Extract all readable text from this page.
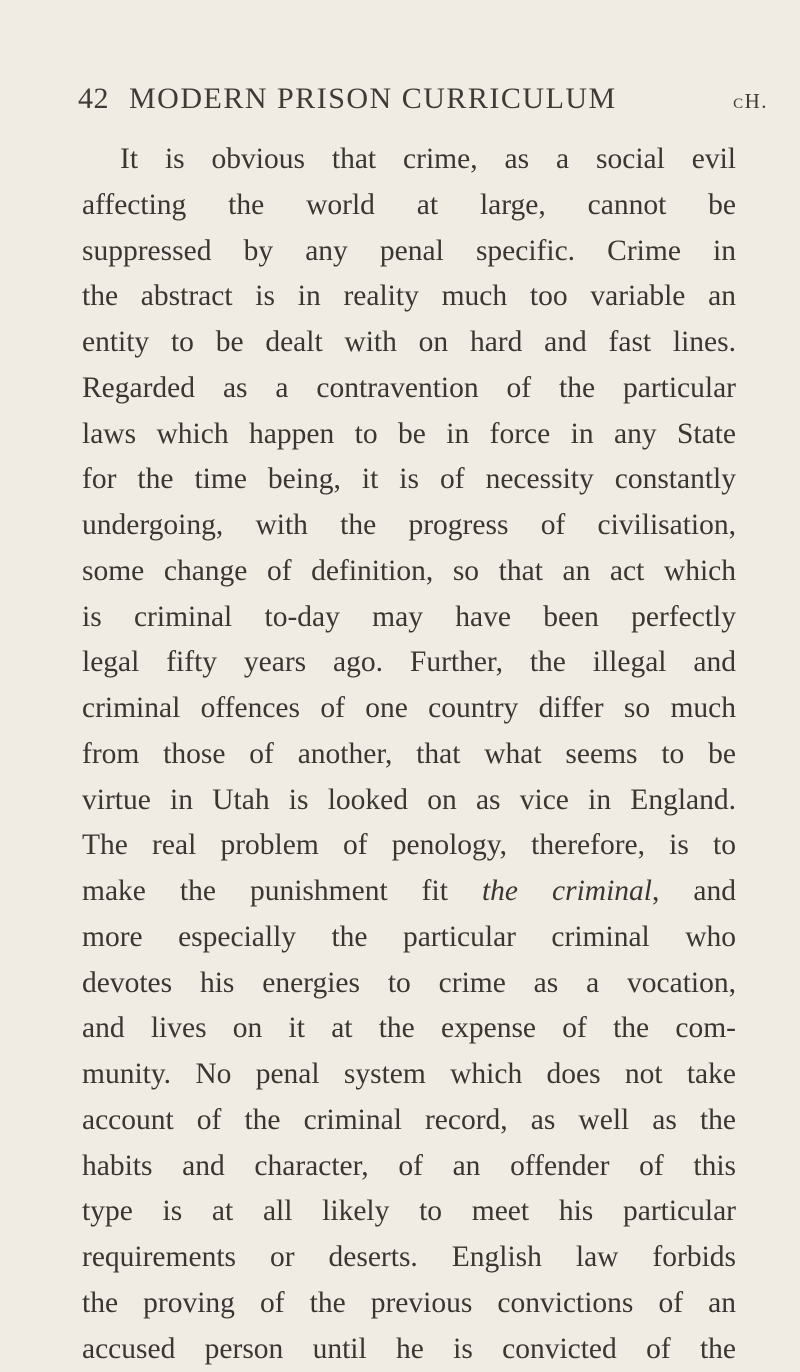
42 MODERN PRISON CURRICULUM	cH.
It is obvious that crime, as a social evil
affecting the world at large, cannot be
suppressed by any penal specific. Crime in
the abstract is in reality much too variable an
entity to be dealt with on hard and fast lines.
Regarded as a contravention of the particular
laws which happen to be in force in any State
for the time being, it is of necessity constantly
undergoing, with the progress of civilisation,
some change of definition, so that an act which
is criminal to-day may have been perfectly
legal fifty years ago. Further, the illegal and
criminal offences of one country differ so much
from those of another, that what seems to be
virtue in Utah is looked on as vice in England.
The real problem of penology, therefore, is to
make the punishment fit the criminal, and
more especially the particular criminal who
devotes his energies to crime as a vocation,
and lives on it at the expense of the com-
munity. No penal system which does not take
account of the criminal record, as well as the
habits and character, of an offender of this
type is at all likely to meet his particular
requirements or deserts. English law forbids
the proving of the previous convictions of an
accused person until he is convicted of the
